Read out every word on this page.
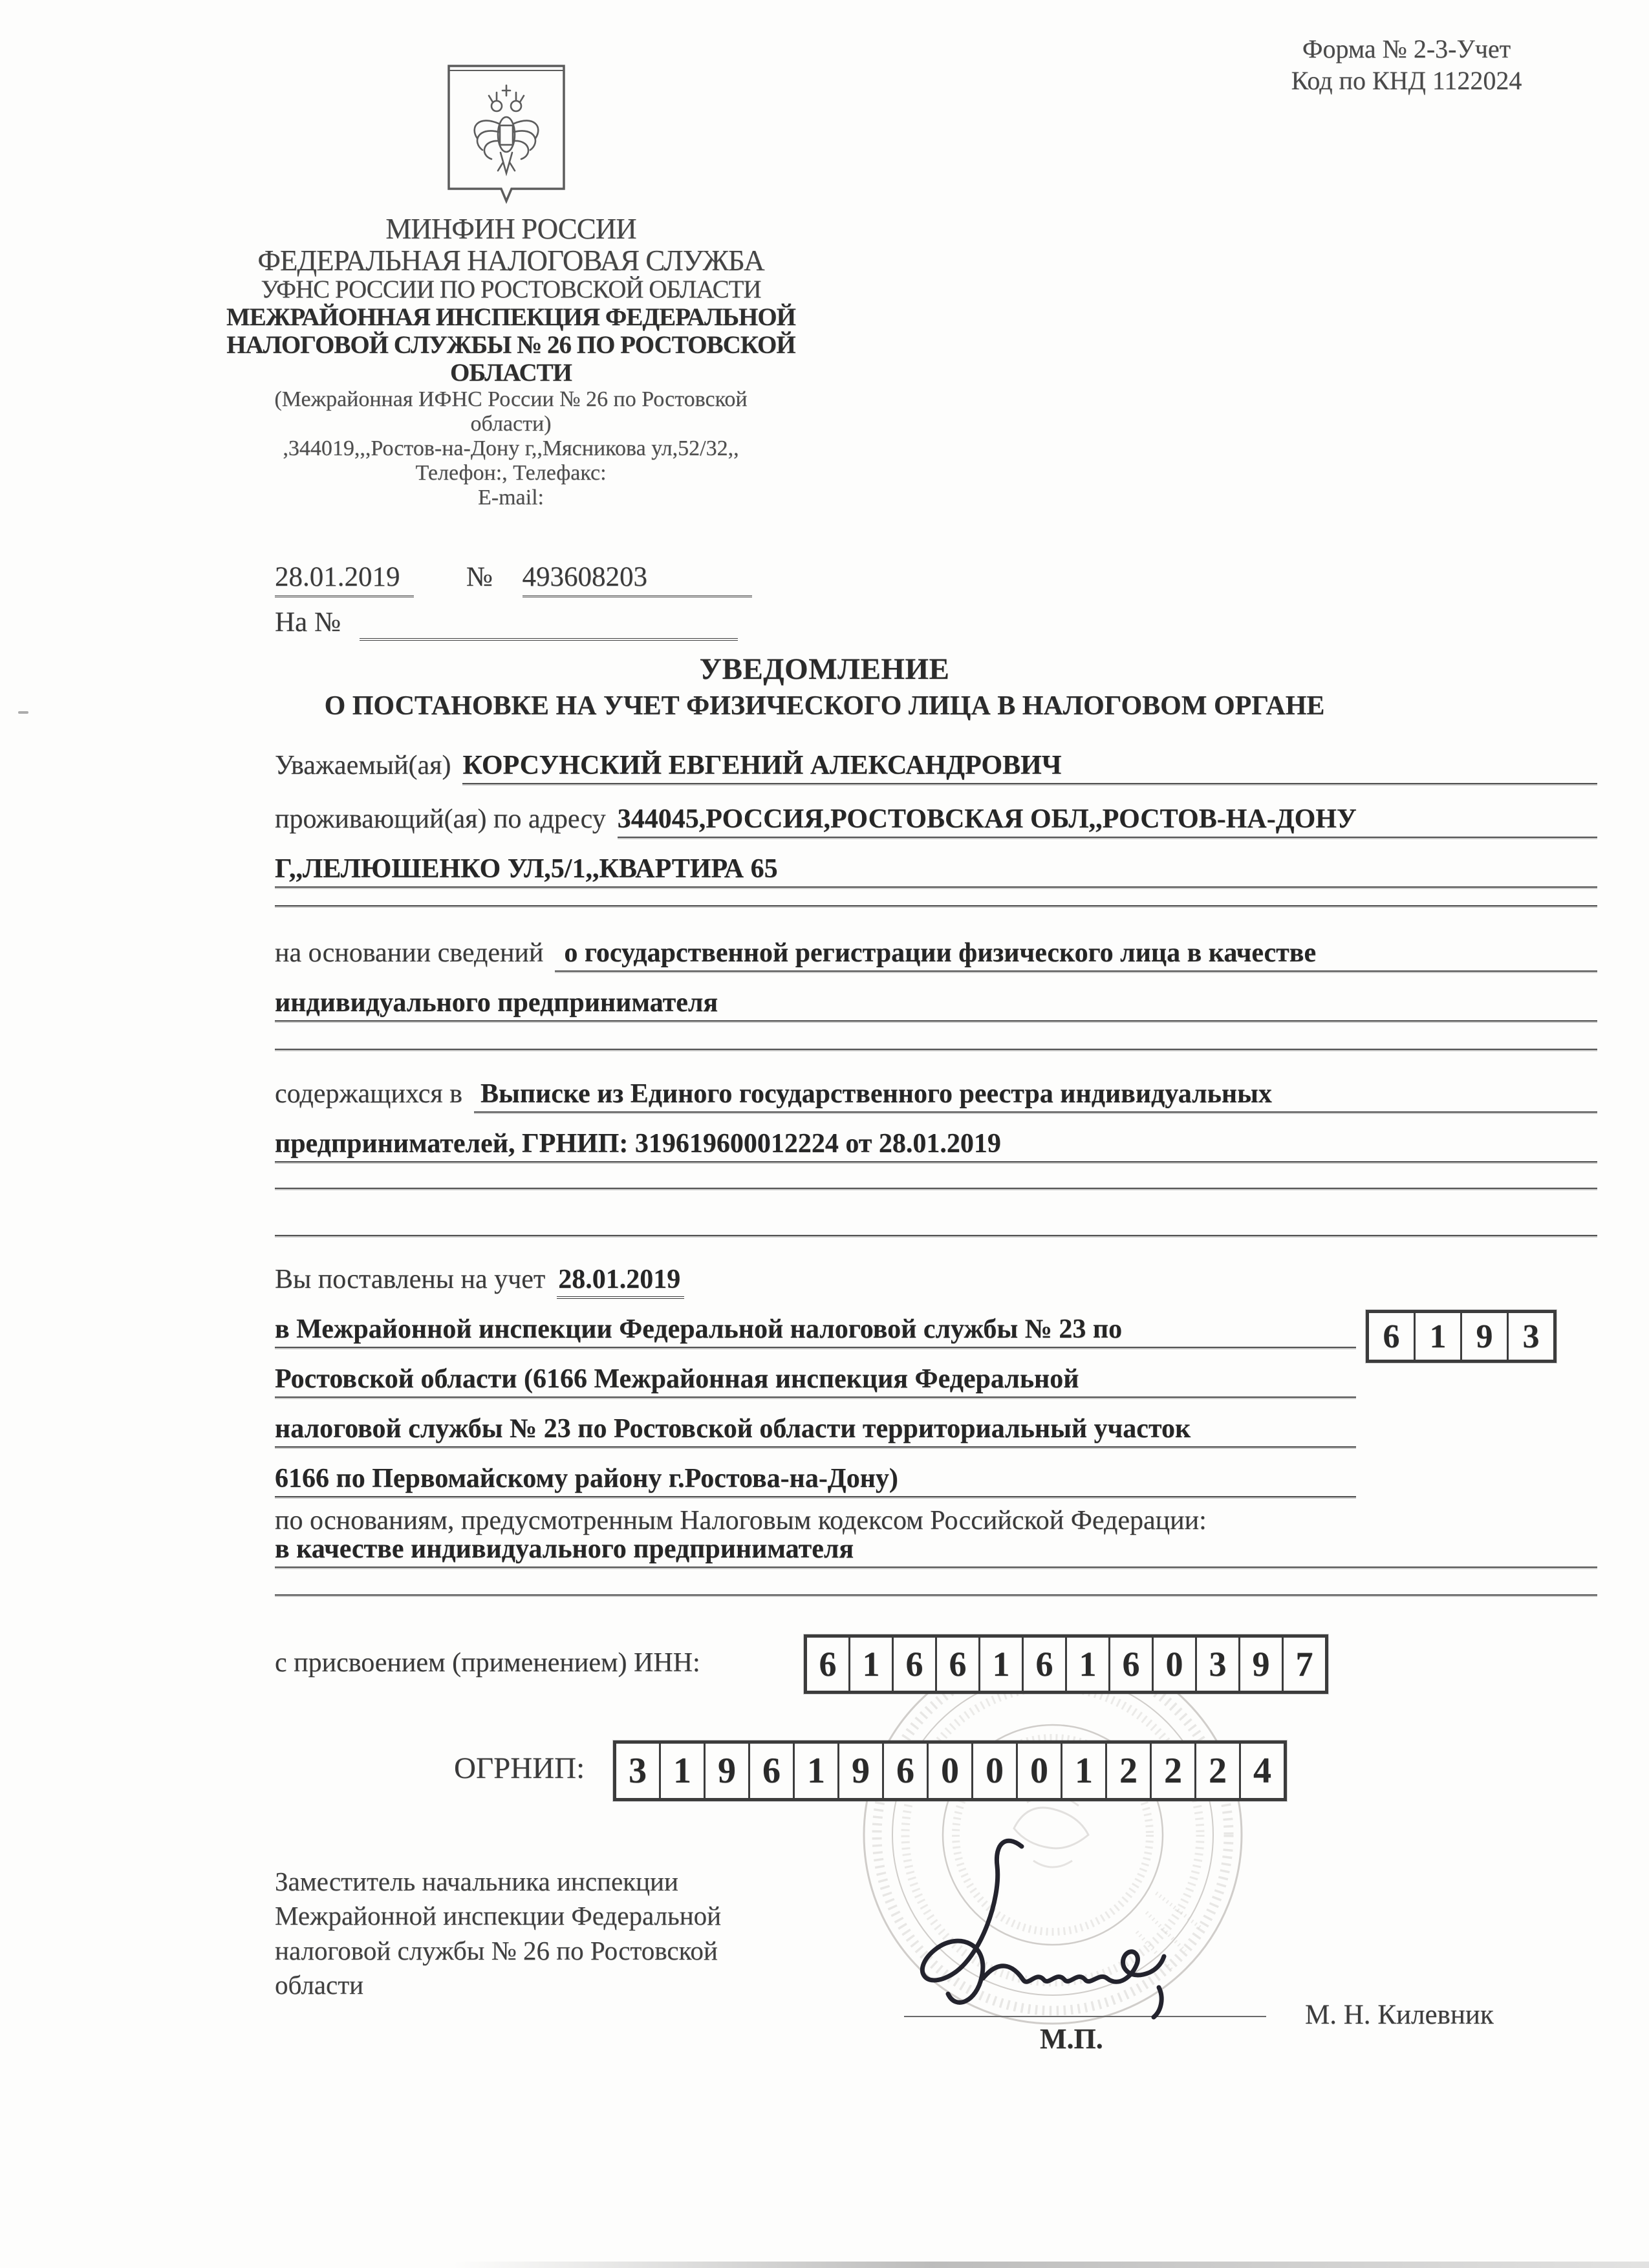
Форма № 2-3-Учет
Код по КНД 1122024
МИНФИН РОССИИ
ФЕДЕРАЛЬНАЯ НАЛОГОВАЯ СЛУЖБА
УФНС РОССИИ ПО РОСТОВСКОЙ ОБЛАСТИ
МЕЖРАЙОННАЯ ИНСПЕКЦИЯ ФЕДЕРАЛЬНОЙ
НАЛОГОВОЙ СЛУЖБЫ № 26 ПО РОСТОВСКОЙ
ОБЛАСТИ
(Межрайонная ИФНС России № 26 по Ростовской
области)
,344019,,,Ростов-на-Дону г,,Мясникова ул,52/32,,
Телефон:, Телефакс:
E-mail:
28.01.2019 № 493608203
На №
УВЕДОМЛЕНИЕ
О ПОСТАНОВКЕ НА УЧЕТ ФИЗИЧЕСКОГО ЛИЦА В НАЛОГОВОМ ОРГАНЕ
Уважаемый(ая) КОРСУНСКИЙ ЕВГЕНИЙ АЛЕКСАНДРОВИЧ
проживающий(ая) по адресу 344045,РОССИЯ,РОСТОВСКАЯ ОБЛ,,РОСТОВ-НА-ДОНУ
Г,,ЛЕЛЮШЕНКО УЛ,5/1,,КВАРТИРА 65
на основании сведений о государственной регистрации физического лица в качестве
индивидуального предпринимателя
содержащихся в Выписке из Единого государственного реестра индивидуальных
предпринимателей, ГРНИП: 319619600012224 от 28.01.2019
Вы поставлены на учет 28.01.2019
в Межрайонной инспекции Федеральной налоговой службы № 23 по	6 1 9 3
Ростовской области (6166 Межрайонная инспекция Федеральной
налоговой службы № 23 по Ростовской области территориальный участок
6166 по Первомайскому району г.Ростова-на-Дону)
по основаниям, предусмотренным Налоговым кодексом Российской Федерации:
в качестве индивидуального предпринимателя
с присвоением (применением) ИНН:	6 1 6 6 1 6 1 6 0 3 9 7
ОГРНИП:	3 1 9 6 1 9 6 0 0 0 1 2 2 2 4
Заместитель начальника инспекции
Межрайонной инспекции Федеральной
налоговой службы № 26 по Ростовской
области
М.П.
М. Н. Килевник
